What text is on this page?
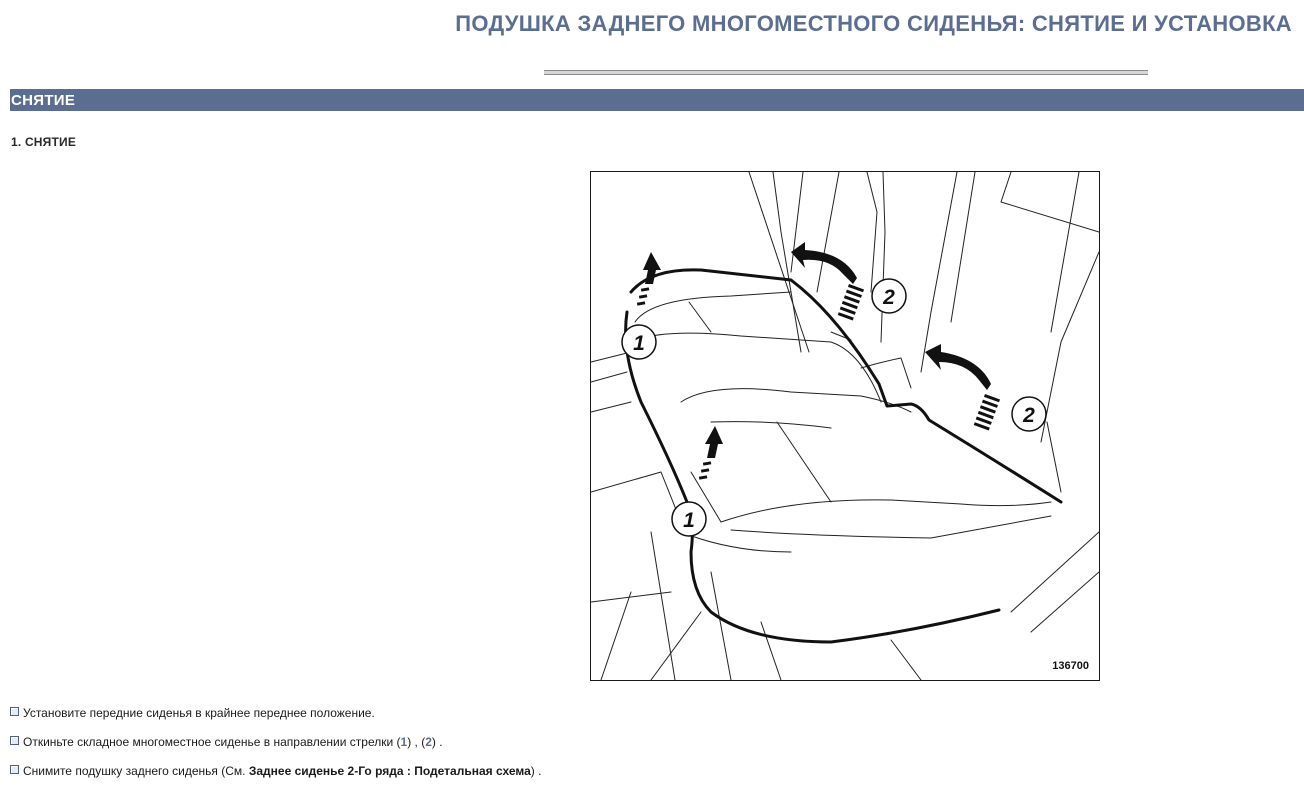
ПОДУШКА ЗАДНЕГО МНОГОМЕСТНОГО СИДЕНЬЯ: СНЯТИЕ И УСТАНОВКА
СНЯТИЕ
1. СНЯТИЕ
1
1
2
2
136700
Установите передние сиденья в крайнее переднее положение.
Откиньте складное многоместное сиденье в направлении стрелки (1) , (2) .
Снимите подушку заднего сиденья (См. Заднее сиденье 2-Го ряда : Подетальная схема) .
